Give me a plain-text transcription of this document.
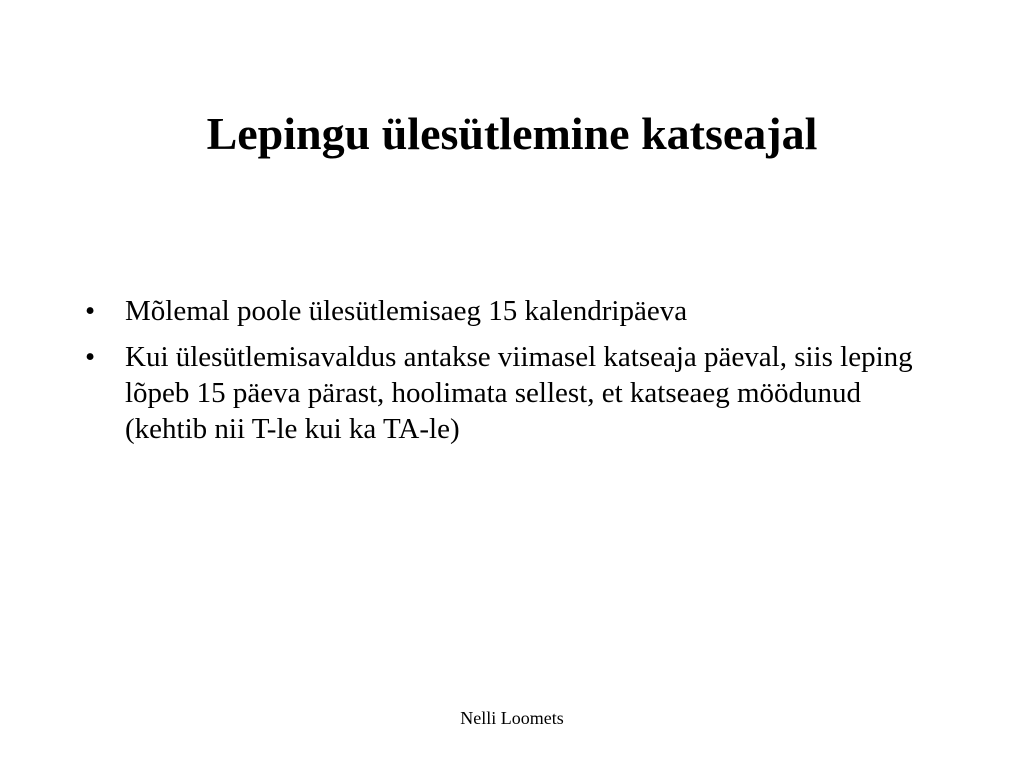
Lepingu ülesütlemine katseajal
•	Mõlemal poole ülesütlemisaeg 15 kalendripäeva
•	Kui ülesütlemisavaldus antakse viimasel katseaja päeval, siis leping lõpeb 15 päeva pärast, hoolimata sellest, et katseaeg möödunud (kehtib nii T-le kui ka TA-le)

Nelli Loomets
